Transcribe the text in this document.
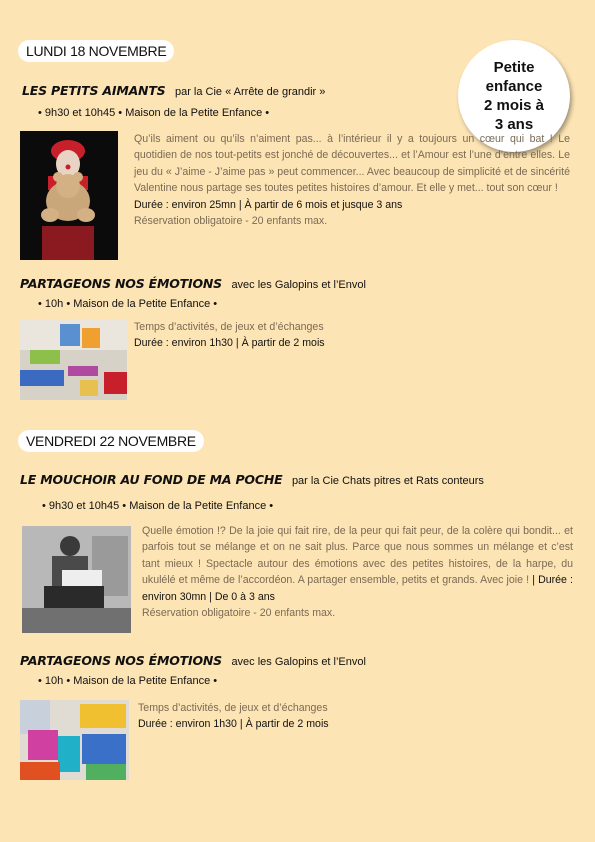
LUNDI 18 NOVEMBRE
VENDREDI 22 NOVEMBRE
Petite
enfance
2 mois à
3 ans
LES PETITS AIMANTS par la Cie « Arrête de grandir »
• 9h30 et 10h45 • Maison de la Petite Enfance •

Qu’ils aiment ou qu’ils n’aiment pas... à l’intérieur il y a toujours un cœur qui bat ! Le quotidien de nos tout-petits est jonché de découvertes... et l’Amour est l’une d’entre elles. Le jeu du « J’aime - J’aime pas » peut commencer... Avec beaucoup de simplicité et de sincérité Valentine nous partage ses toutes petites histoires d’amour. Et elle y met... tout son cœur !

Durée : environ 25mn | À partir de 6 mois et jusque 3 ans

Réservation obligatoire - 20 enfants max.

PARTAGEONS NOS ÉMOTIONS avec les Galopins et l’Envol
• 10h • Maison de la Petite Enfance •

Temps d’activités, de jeux et d’échanges

Durée : environ 1h30 | À partir de 2 mois

LE MOUCHOIR AU FOND DE MA POCHE par la Cie Chats pitres et Rats conteurs
• 9h30 et 10h45 • Maison de la Petite Enfance •

Quelle émotion !? De la joie qui fait rire, de la peur qui fait peur, de la colère qui bondit... et parfois tout se mélange et on ne sait plus. Parce que nous sommes un mélange et c’est tant mieux ! Spectacle autour des émotions avec des petites histoires, de la harpe, du ukulélé et même de l’accordéon. A partager ensemble, petits et grands. Avec joie ! | Durée : environ 30mn | De 0 à 3 ans

Réservation obligatoire - 20 enfants max.

PARTAGEONS NOS ÉMOTIONS avec les Galopins et l’Envol
• 10h • Maison de la Petite Enfance •

Temps d’activités, de jeux et d’échanges

Durée : environ 1h30 | À partir de 2 mois
